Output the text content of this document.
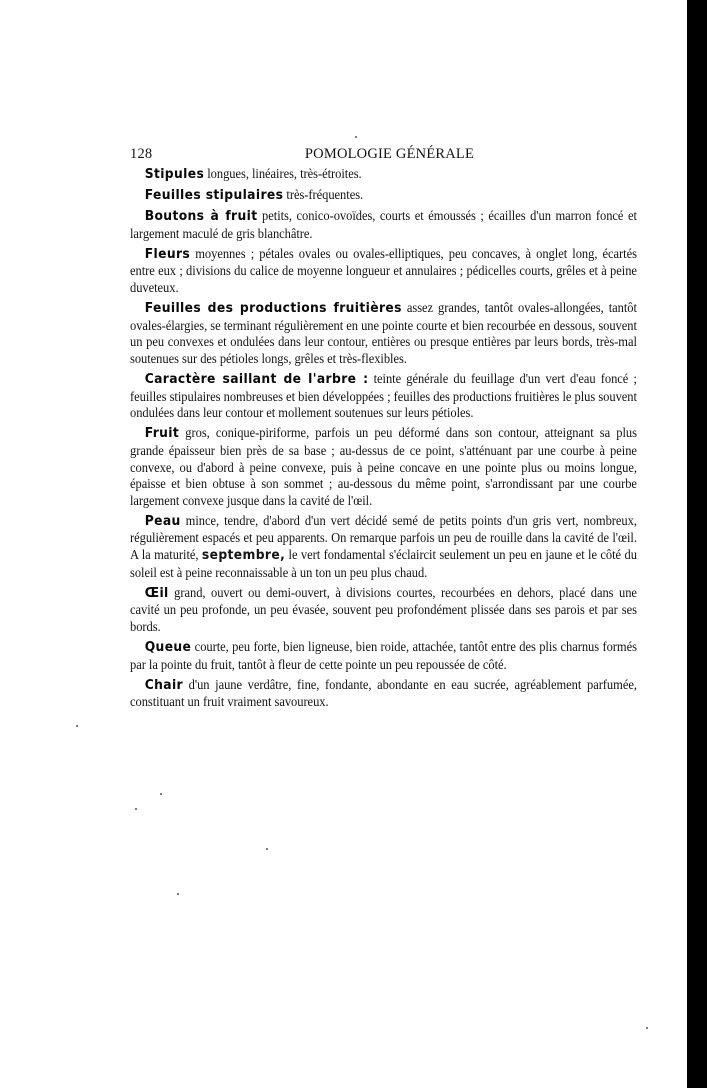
128	POMOLOGIE GÉNÉRALE

Stipules longues, linéaires, très-étroites.

Feuilles stipulaires très-fréquentes.

Boutons à fruit petits, conico-ovoïdes, courts et émoussés ; écailles d'un marron foncé et largement maculé de gris blanchâtre.

Fleurs moyennes ; pétales ovales ou ovales-elliptiques, peu concaves, à onglet long, écartés entre eux ; divisions du calice de moyenne longueur et annulaires ; pédicelles courts, grêles et à peine duveteux.

Feuilles des productions fruitières assez grandes, tantôt ovales-allongées, tantôt ovales-élargies, se terminant régulièrement en une pointe courte et bien recourbée en dessous, souvent un peu convexes et ondulées dans leur contour, entières ou presque entières par leurs bords, très-mal soutenues sur des pétioles longs, grêles et très-flexibles.

Caractère saillant de l'arbre : teinte générale du feuillage d'un vert d'eau foncé ; feuilles stipulaires nombreuses et bien développées ; feuilles des productions fruitières le plus souvent ondulées dans leur contour et mollement soutenues sur leurs pétioles.

Fruit gros, conique-piriforme, parfois un peu déformé dans son contour, atteignant sa plus grande épaisseur bien près de sa base ; au-dessus de ce point, s'atténuant par une courbe à peine convexe, ou d'abord à peine convexe, puis à peine concave en une pointe plus ou moins longue, épaisse et bien obtuse à son sommet ; au-dessous du même point, s'arrondissant par une courbe largement convexe jusque dans la cavité de l'œil.

Peau mince, tendre, d'abord d'un vert décidé semé de petits points d'un gris vert, nombreux, régulièrement espacés et peu apparents. On remarque parfois un peu de rouille dans la cavité de l'œil. A la maturité, septembre, le vert fondamental s'éclaircit seulement un peu en jaune et le côté du soleil est à peine reconnaissable à un ton un peu plus chaud.

Œil grand, ouvert ou demi-ouvert, à divisions courtes, recourbées en dehors, placé dans une cavité un peu profonde, un peu évasée, souvent peu profondément plissée dans ses parois et par ses bords.

Queue courte, peu forte, bien ligneuse, bien roide, attachée, tantôt entre des plis charnus formés par la pointe du fruit, tantôt à fleur de cette pointe un peu repoussée de côté.

Chair d'un jaune verdâtre, fine, fondante, abondante en eau sucrée, agréablement parfumée, constituant un fruit vraiment savoureux.
